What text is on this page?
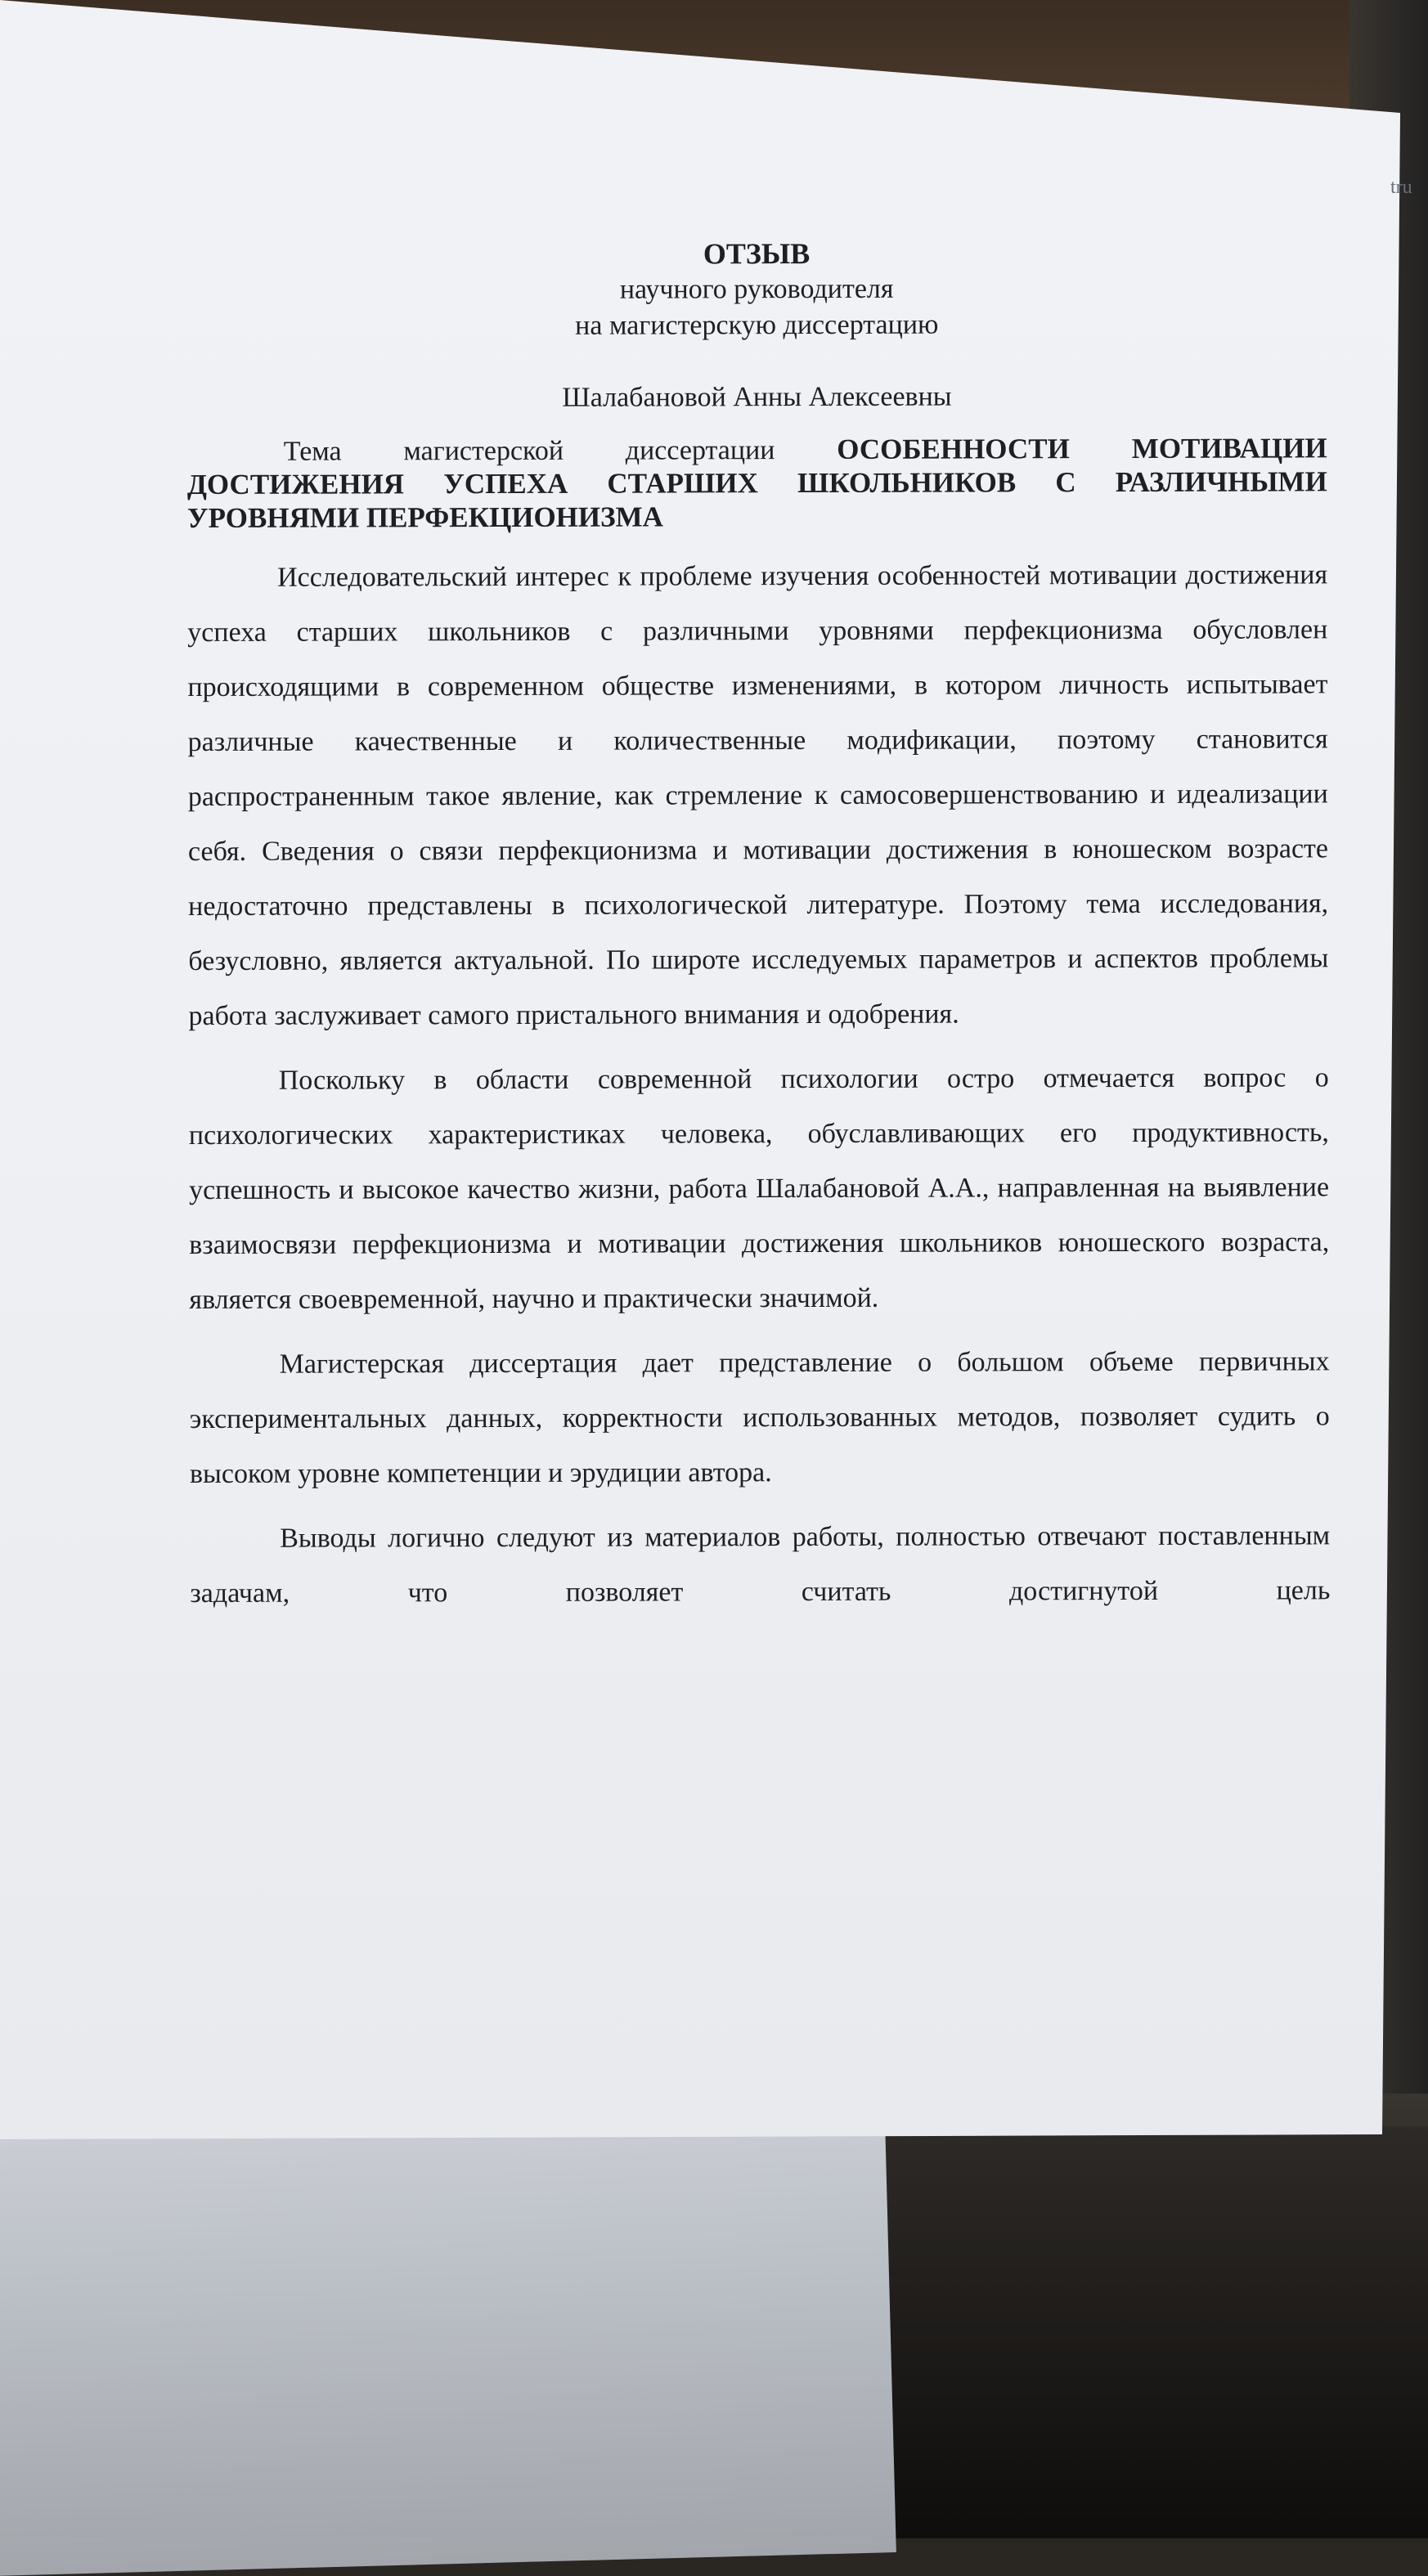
tru

ОТЗЫВ

научного руководителя

на магистерскую диссертацию

Шалабановой Анны Алексеевны

Тема магистерской диссертации ОСОБЕННОСТИ МОТИВАЦИИ ДОСТИЖЕНИЯ УСПЕХА СТАРШИХ ШКОЛЬНИКОВ С РАЗЛИЧНЫМИ УРОВНЯМИ ПЕРФЕКЦИОНИЗМА

Исследовательский интерес к проблеме изучения особенностей мотивации достижения успеха старших школьников с различными уровнями перфекционизма обусловлен происходящими в современном обществе изменениями, в котором личность испытывает различные качественные и количественные модификации, поэтому становится распространенным такое явление, как стремление к самосовершенствованию и идеализации себя. Сведения о связи перфекционизма и мотивации достижения в юношеском возрасте недостаточно представлены в психологической литературе. Поэтому тема исследования, безусловно, является актуальной. По широте исследуемых параметров и аспектов проблемы работа заслуживает самого пристального внимания и одобрения.

Поскольку в области современной психологии остро отмечается вопрос о психологических характеристиках человека, обуславливающих его продуктивность, успешность и высокое качество жизни, работа Шалабановой А.А., направленная на выявление взаимосвязи перфекционизма и мотивации достижения школьников юношеского возраста, является своевременной, научно и практически значимой.

Магистерская диссертация дает представление о большом объеме первичных экспериментальных данных, корректности использованных методов, позволяет судить о высоком уровне компетенции и эрудиции автора.

Выводы логично следуют из материалов работы, полностью отвечают поставленным задачам, что позволяет считать достигнутой цель
